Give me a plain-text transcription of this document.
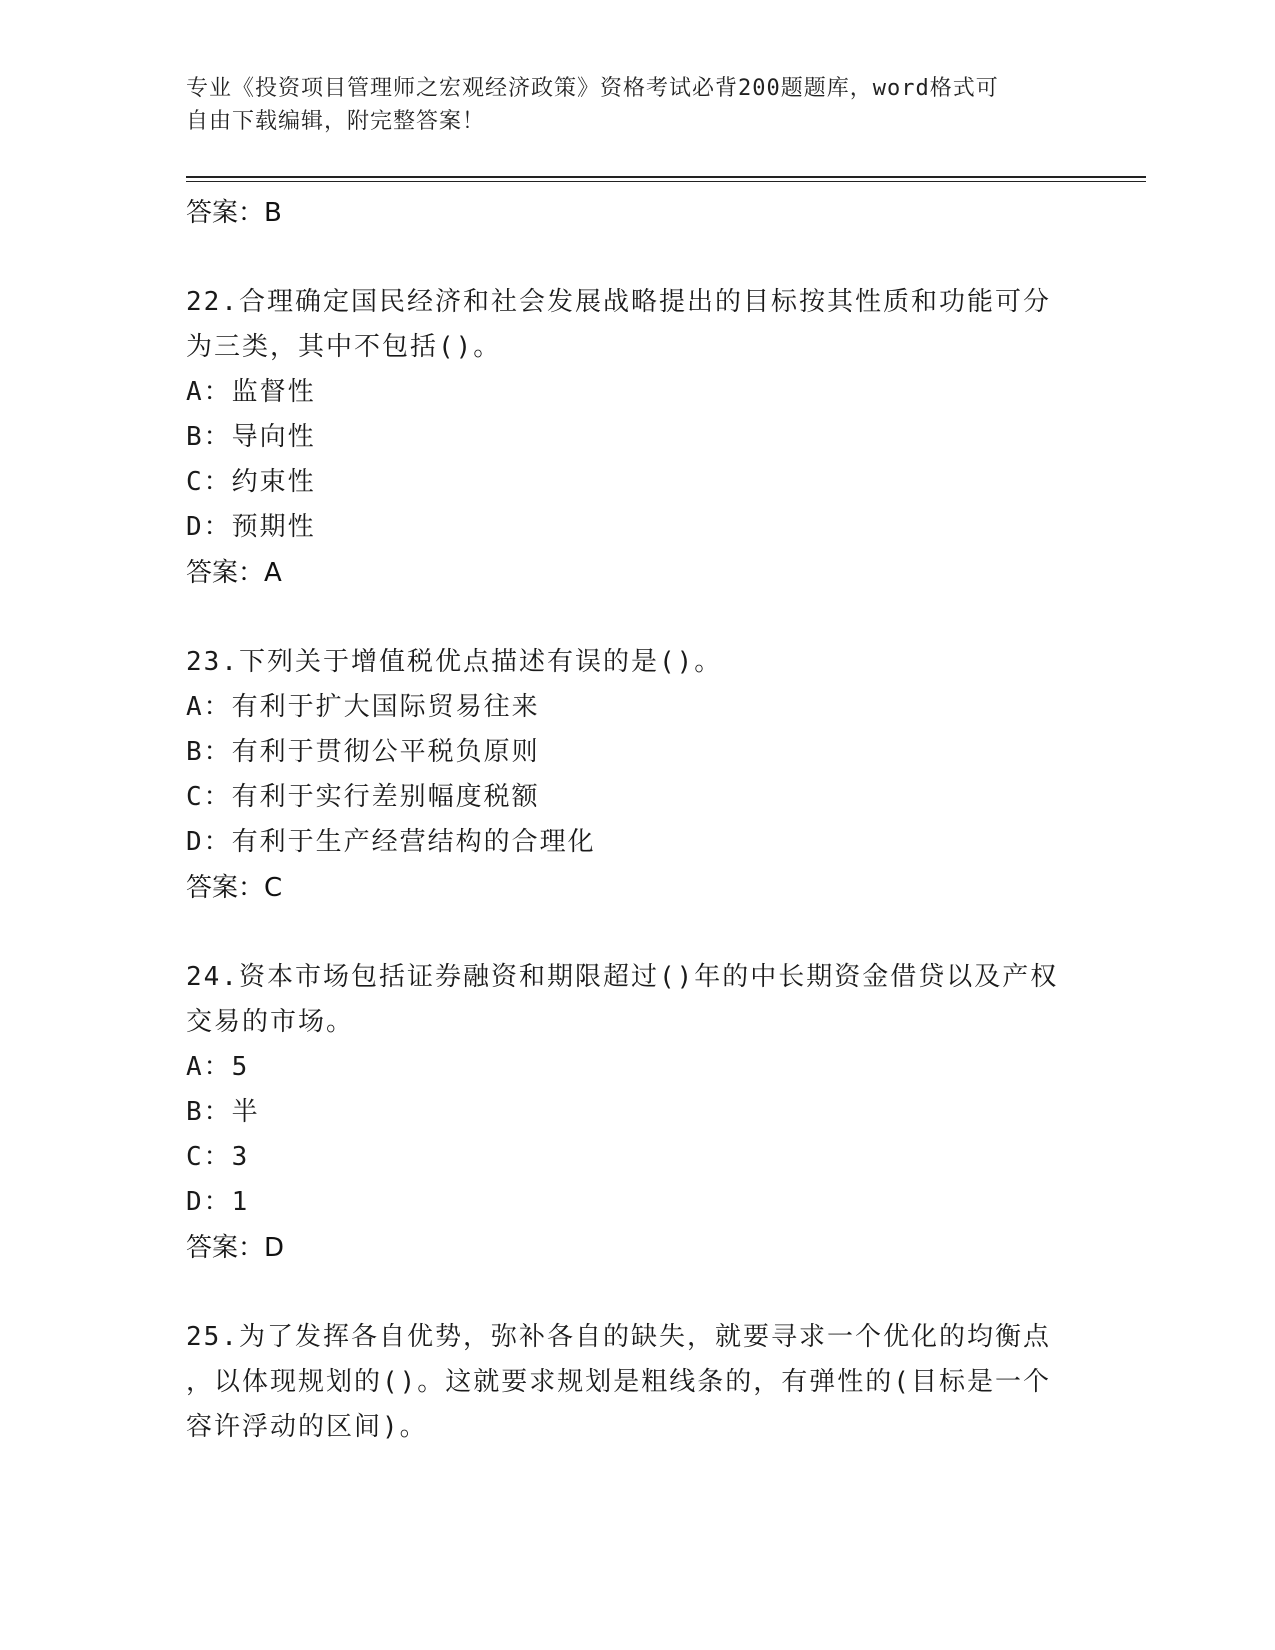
专业《投资项目管理师之宏观经济政策》资格考试必背200题题库，word格式可
自由下载编辑，附完整答案！
答案：B
22.合理确定国民经济和社会发展战略提出的目标按其性质和功能可分
为三类，其中不包括()。
A：监督性
B：导向性
C：约束性
D：预期性
答案：A
23.下列关于增值税优点描述有误的是()。
A：有利于扩大国际贸易往来
B：有利于贯彻公平税负原则
C：有利于实行差别幅度税额
D：有利于生产经营结构的合理化
答案：C
24.资本市场包括证券融资和期限超过()年的中长期资金借贷以及产权
交易的市场。
A：5
B：半
C：3
D：1
答案：D
25.为了发挥各自优势，弥补各自的缺失，就要寻求一个优化的均衡点
，以体现规划的()。这就要求规划是粗线条的，有弹性的(目标是一个
容许浮动的区间)。
